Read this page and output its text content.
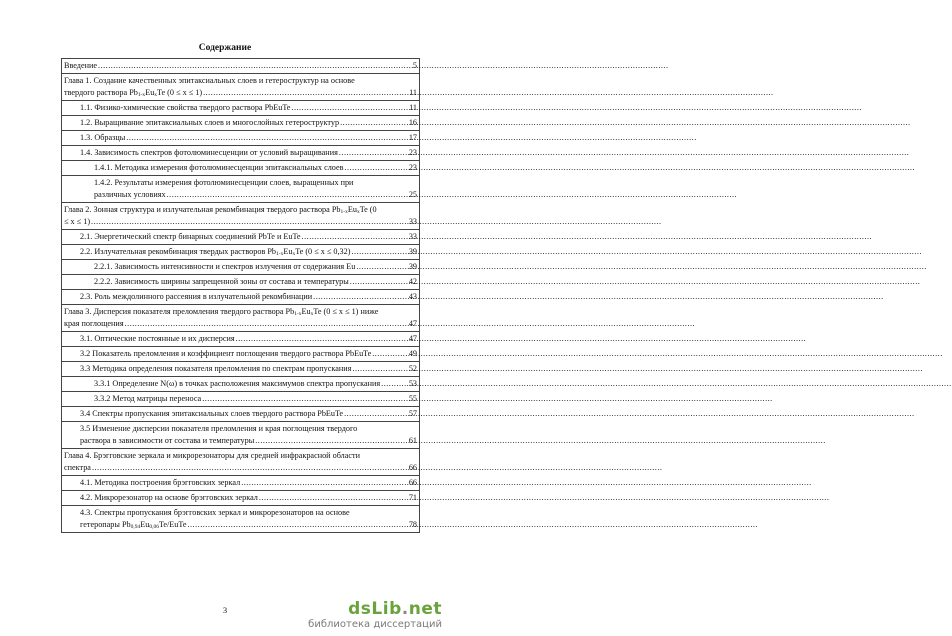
Содержание
Введение .....	5

Глава 1. Создание качественных эпитаксиальных слоев и гетероструктур на основе
твердого раствора $Pb_{1-x}Eu_xTe$ (0 ≤ x ≤ 1) .....	11

1.1. Физико-химические свойства твердого раствора PbEuTe .....	11

1.2. Выращивание эпитаксиальных слоев и многослойных гетероструктур .....	16

1.3. Образцы .....	17

1.4. Зависимость спектров фотолюминесценции от условий выращивания .....	23

1.4.1. Методика измерения фотолюминесценции эпитаксиальных слоев .....	23

1.4.2. Результаты измерения фотолюминесценции слоев, выращенных при
различных условиях .....	25

Глава 2. Зонная структура и излучательная рекомбинация твердого раствора $Pb_{1-x}Eu_xTe$ (0
≤ x ≤ 1) .....	33

2.1. Энергетический спектр бинарных соединений PbTe и EuTe .....	33

2.2. Излучательная рекомбинация твердых растворов $Pb_{1-x}Eu_xTe$ (0 ≤ x ≤ 0,32) .....	39

2.2.1. Зависимость интенсивности и спектров излучения от содержания Eu .....	39

2.2.2. Зависимость ширины запрещенной зоны от состава и температуры .....	42

2.3. Роль междолинного рассеяния в излучательной рекомбинации .....	43

Глава 3. Дисперсия показателя преломления твердого раствора $Pb_{1-x}Eu_xTe$ (0 ≤ x ≤ 1) ниже
края поглощения .....	47

3.1. Оптические постоянные и их дисперсия .....	47

3.2 Показатель преломления и коэффициент поглощения твердого раствора PbEuTe .....	49

3.3 Методика определения показателя преломления по спектрам пропускания .....	52

3.3.1 Определение N(ω) в точках расположения максимумов спектра пропускания .....	53

3.3.2 Метод матрицы переноса .....	55

3.4 Спектры пропускания эпитаксиальных слоев твердого раствора PbEuTe .....	57

3.5 Изменение дисперсии показателя преломления и края поглощения твердого
раствора в зависимости от состава и температуры .....	61

Глава 4. Брэгговские зеркала и микрорезонаторы для средней инфракрасной области
спектра .....	66

4.1. Методика построения брэгговских зеркал .....	66

4.2. Микрорезонатор на основе брэгговских зеркал .....	71

4.3. Спектры пропускания брэгговских зеркал и микрорезонаторов на основе
гетеропары $Pb_{0,94}Eu_{0,06}Te$/EuTe .....	78
3	dsLib.net
библиотека диссертаций
